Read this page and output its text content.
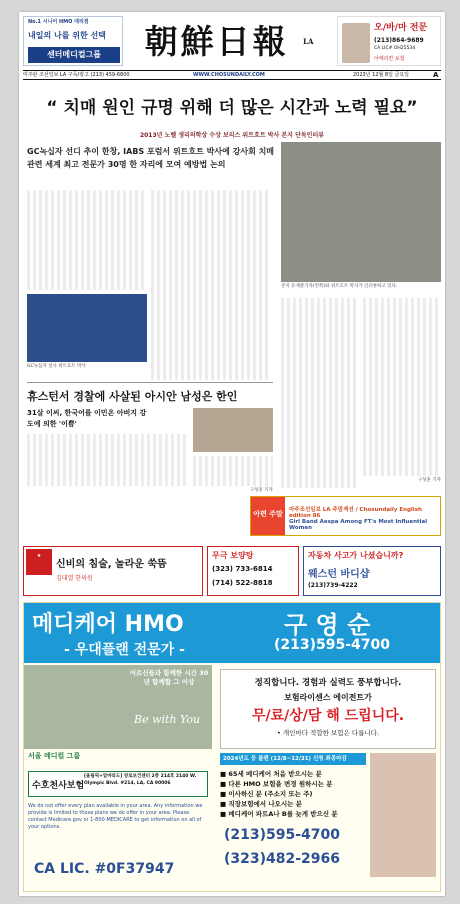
No.1 시니어 HMO 대리점
내일의 나를 위한 선택
센터메디컬그룹	朝鮮日報 LA
오/바/마 전문
(213)864-9689
CA LIC# OH25534
아메리칸 보험
미주판 조선일보 LA 구독/광고 (213) 459-6800	WWW.CHOSUNDAILY.COM	2023년 12월 8일 금요일	A
“ 치매 원인 규명 위해 더 많은 시간과 노력 필요”
2013년 노벨 생리의학상 수상 보리스 위트흐트 박사 본지 단독인터뷰
GC녹십자 선디 추이 한창, IABS 포럼서 위트흐트 박사에 강사회 치매 관련 세계 최고 전문가 30명 한 자리에 모여 예방법 논의
GC녹십자 설사 위트흐트 박사
본지 유재춘기자(왼쪽)와 위트흐트 박사가 인터뷰하고 있다.
구성훈 기자
휴스턴서 경찰에 사살된 아시안 남성은 한인
31살 이씨, 한국어를 이민온 아버지 강도에 의한 '이쁨'
구성훈 기자
아편 주말	마주조선일보 LA 주말섹션 / Chosundaily English edition 86
Girl Band Aespa Among FT's Most Influential Women
★
신비의 침술, 놀라운 쑥뜸
김대열 한의원
무극 보양탕
(323) 733-6814
(714) 522-8818
자동차 사고가 나셨습니까?
웨스턴 바디샵
(213)739-4222
메디케어 HMO
- 우대플랜 전문가 -
구 영 순
(213)595-4700
어르신들과 함께한 시간 30년 함께할 그 이상
Be with You
서울 메디컬 그룹
수호천사보험
[올림픽+알바라도] 양로보건센터 2층 214호 2140 W. Olympic Blvd. #214, LA, CA 90006
We do not offer every plan available in your area. Any information we provide is limited to those plans we do offer in your area. Please contact Medicare.gov or 1-800-MEDICARE to get information on all of your options.
CA LIC. #0F37947
정직합니다. 경험과 실력도 풍부합니다.
보험라이센스 에이전트가
무/료/상/담 해 드립니다.
• 개인마다 적합한 보험은 다릅니다.
2024년도 등 플렌 (12/8~12/31) 신청 최종마감
■ 65세 메디케어 처음 받으시는 분
■ 다른 HMO 보험을 변경 원하시는 분
■ 이사하신 분 (주소지 또는 주)
■ 직장보험에서 나오시는 분
■ 메디케어 파트A나 B를 늦게 받으신 분
(213)595-4700
(323)482-2966
